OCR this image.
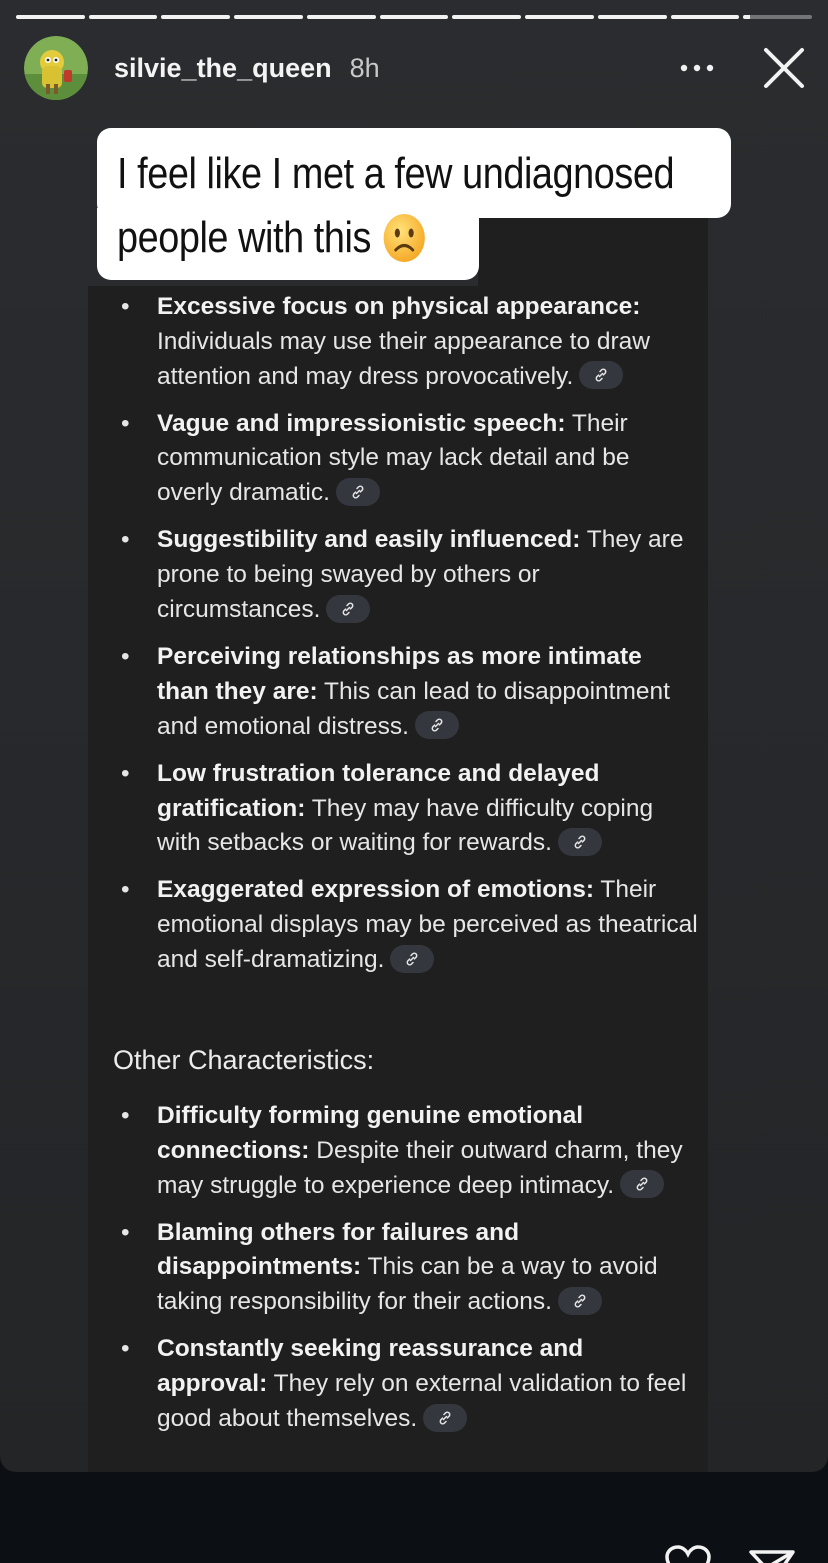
silvie_the_queen 8h
• Excessive focus on physical appearance: Individuals may use their appearance to draw attention and may dress provocatively.
• Vague and impressionistic speech: Their communication style may lack detail and be overly dramatic.
• Suggestibility and easily influenced: They are prone to being swayed by others or circumstances.
• Perceiving relationships as more intimate than they are: This can lead to disappointment and emotional distress.
• Low frustration tolerance and delayed gratification: They may have difficulty coping with setbacks or waiting for rewards.
• Exaggerated expression of emotions: Their emotional displays may be perceived as theatrical and self-dramatizing.
Other Characteristics:
• Difficulty forming genuine emotional connections: Despite their outward charm, they may struggle to experience deep intimacy.
• Blaming others for failures and disappointments: This can be a way to avoid taking responsibility for their actions.
• Constantly seeking reassurance and approval: They rely on external validation to feel good about themselves.
I feel like I met a few undiagnosed
people with this
